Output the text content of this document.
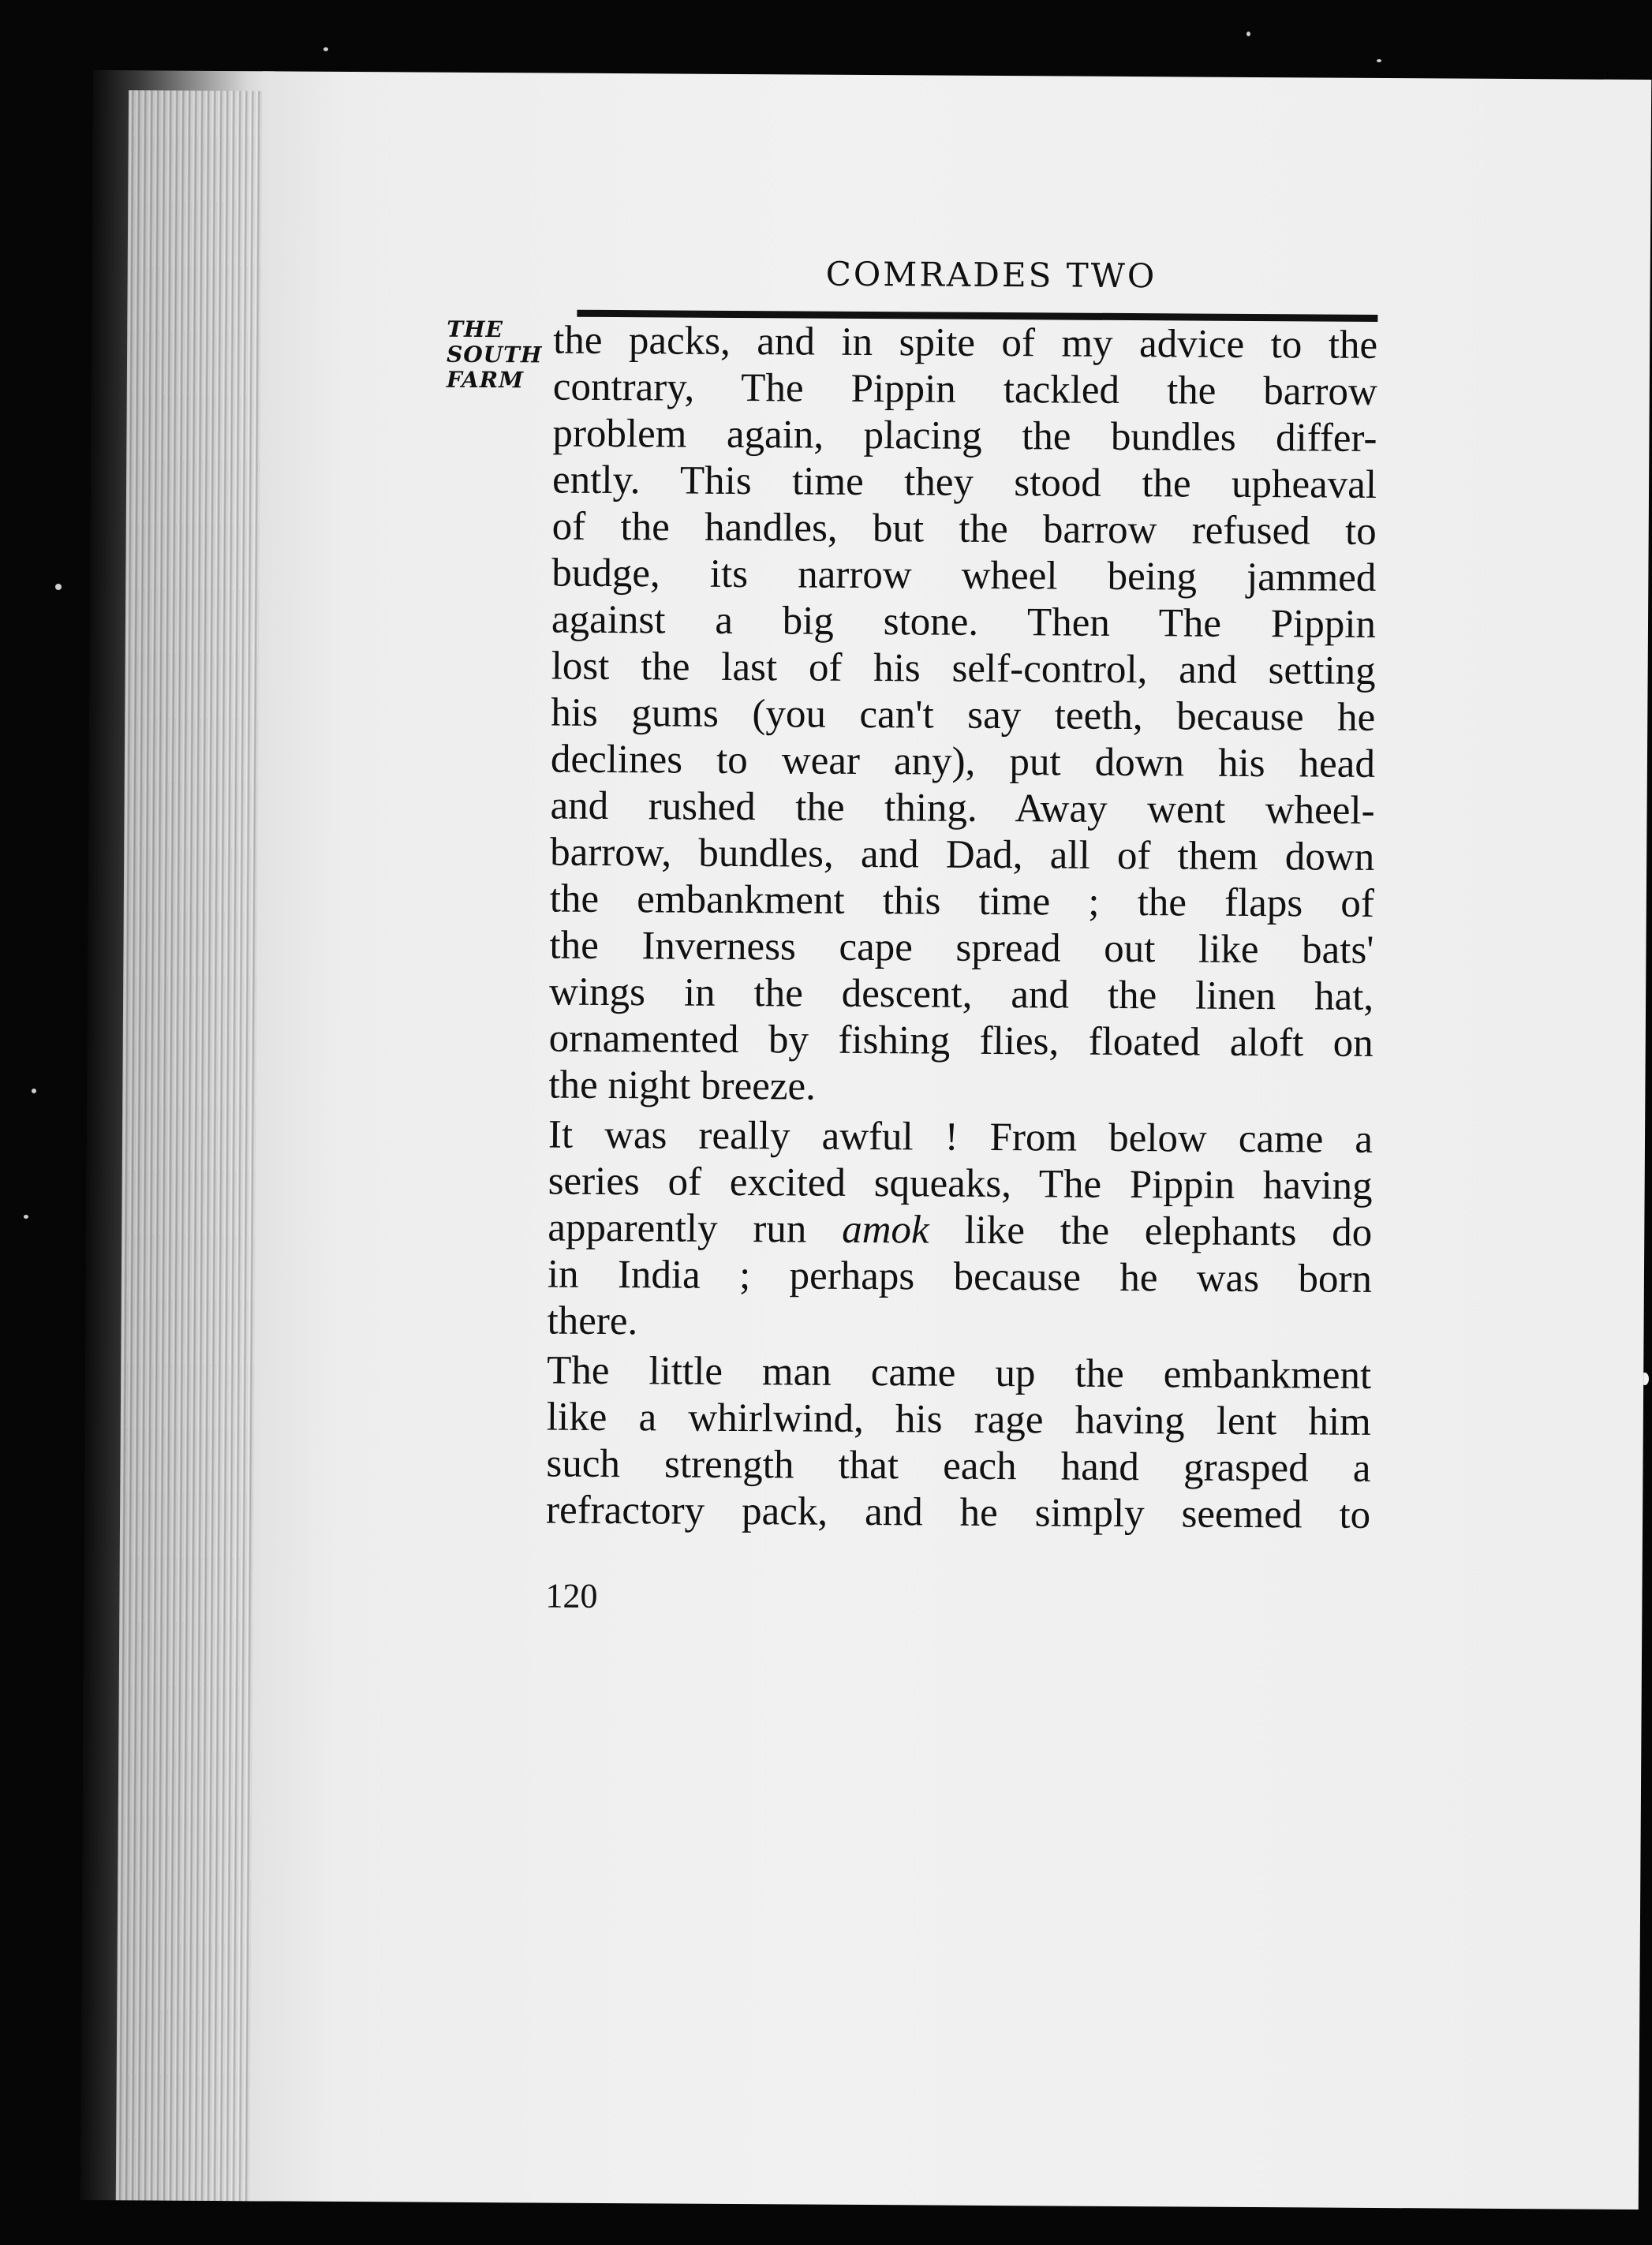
COMRADES TWO
THE
SOUTH
FARM
the packs, and in spite of my advice to the
contrary, The Pippin tackled the barrow
problem again, placing the bundles differ-
ently. This time they stood the upheaval
of the handles, but the barrow refused to
budge, its narrow wheel being jammed
against a big stone. Then The Pippin
lost the last of his self-control, and setting
his gums (you can't say teeth, because he
declines to wear any), put down his head
and rushed the thing. Away went wheel-
barrow, bundles, and Dad, all of them down
the embankment this time ; the flaps of
the Inverness cape spread out like bats'
wings in the descent, and the linen hat,
ornamented by fishing flies, floated aloft on
the night breeze.
It was really awful ! From below came a
series of excited squeaks, The Pippin having
apparently run amok like the elephants do
in India ; perhaps because he was born
there.
The little man came up the embankment
like a whirlwind, his rage having lent him
such strength that each hand grasped a
refractory pack, and he simply seemed to
120
